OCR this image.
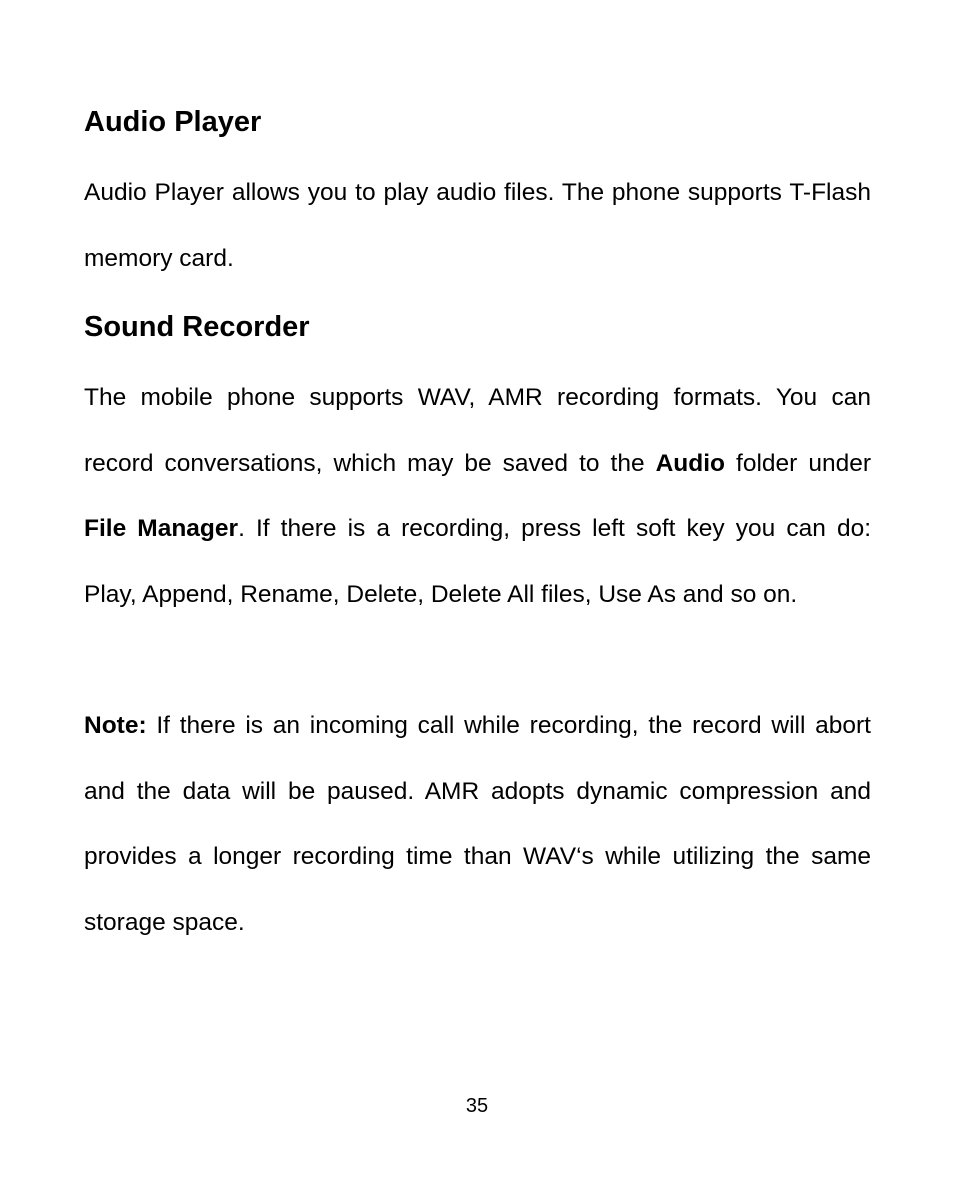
Audio Player

Audio Player allows you to play audio files. The phone supports T-Flash memory card.

Sound Recorder

The mobile phone supports WAV, AMR recording formats. You can record conversations, which may be saved to the Audio folder under File Manager. If there is a recording, press left soft key you can do: Play, Append, Rename, Delete, Delete All files, Use As and so on.

Note: If there is an incoming call while recording, the record will abort and the data will be paused. AMR adopts dynamic compression and provides a longer recording time than WAV‘s while utilizing the same storage space.

35
